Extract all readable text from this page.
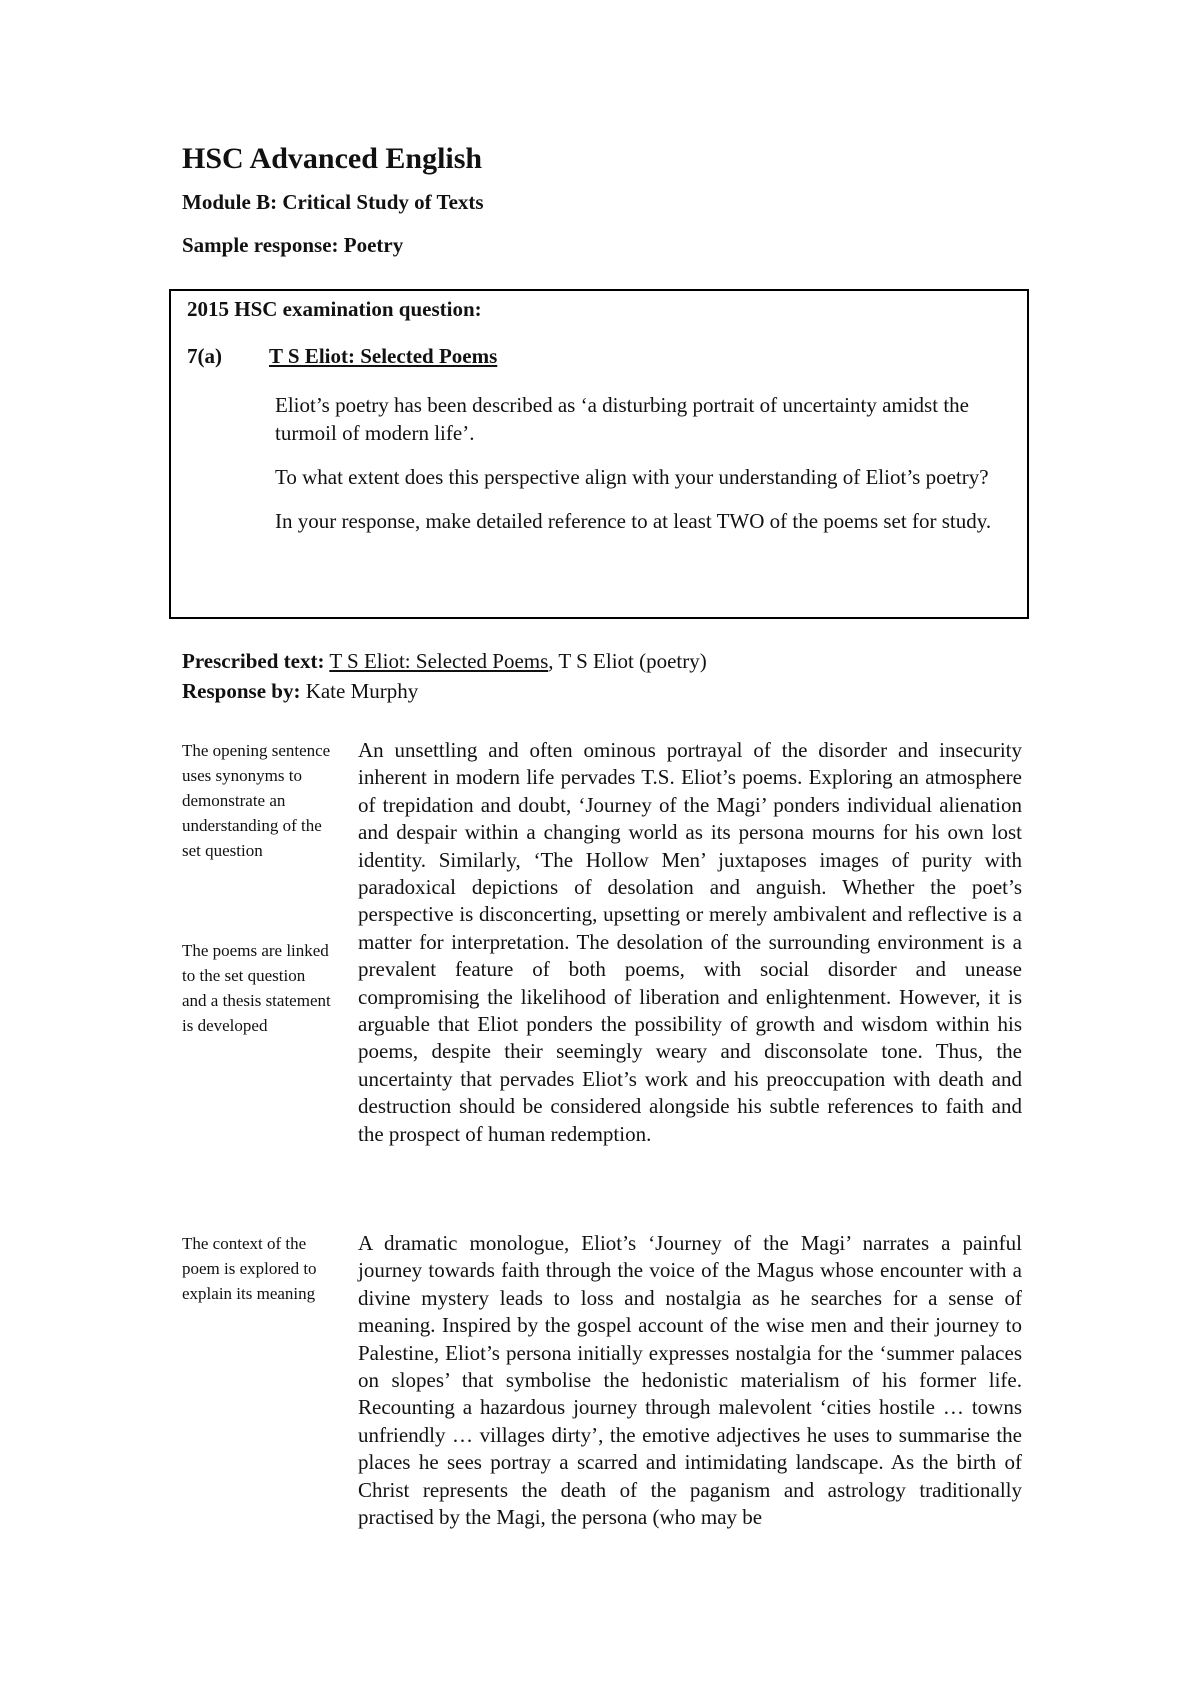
HSC Advanced English
Module B: Critical Study of Texts
Sample response: Poetry
2015 HSC examination question:
7(a)	T S Eliot: Selected Poems
Eliot’s poetry has been described as ‘a disturbing portrait of uncertainty amidst the turmoil of modern life’.
To what extent does this perspective align with your understanding of Eliot’s poetry?
In your response, make detailed reference to at least TWO of the poems set for study.
Prescribed text: T S Eliot: Selected Poems, T S Eliot (poetry)
Response by: Kate Murphy
The opening sentence uses synonyms to demonstrate an understanding of the set question
The poems are linked to the set question and a thesis statement is developed
The context of the poem is explored to explain its meaning
An unsettling and often ominous portrayal of the disorder and insecurity inherent in modern life pervades T.S. Eliot’s poems. Exploring an atmosphere of trepidation and doubt, ‘Journey of the Magi’ ponders individual alienation and despair within a changing world as its persona mourns for his own lost identity. Similarly, ‘The Hollow Men’ juxtaposes images of purity with paradoxical depictions of desolation and anguish. Whether the poet’s perspective is disconcerting, upsetting or merely ambivalent and reflective is a matter for interpretation. The desolation of the surrounding environment is a prevalent feature of both poems, with social disorder and unease compromising the likelihood of liberation and enlightenment. However, it is arguable that Eliot ponders the possibility of growth and wisdom within his poems, despite their seemingly weary and disconsolate tone. Thus, the uncertainty that pervades Eliot’s work and his preoccupation with death and destruction should be considered alongside his subtle references to faith and the prospect of human redemption.
A dramatic monologue, Eliot’s ‘Journey of the Magi’ narrates a painful journey towards faith through the voice of the Magus whose encounter with a divine mystery leads to loss and nostalgia as he searches for a sense of meaning. Inspired by the gospel account of the wise men and their journey to Palestine, Eliot’s persona initially expresses nostalgia for the ‘summer palaces on slopes’ that symbolise the hedonistic materialism of his former life. Recounting a hazardous journey through malevolent ‘cities hostile … towns unfriendly … villages dirty’, the emotive adjectives he uses to summarise the places he sees portray a scarred and intimidating landscape. As the birth of Christ represents the death of the paganism and astrology traditionally practised by the Magi, the persona (who may be
